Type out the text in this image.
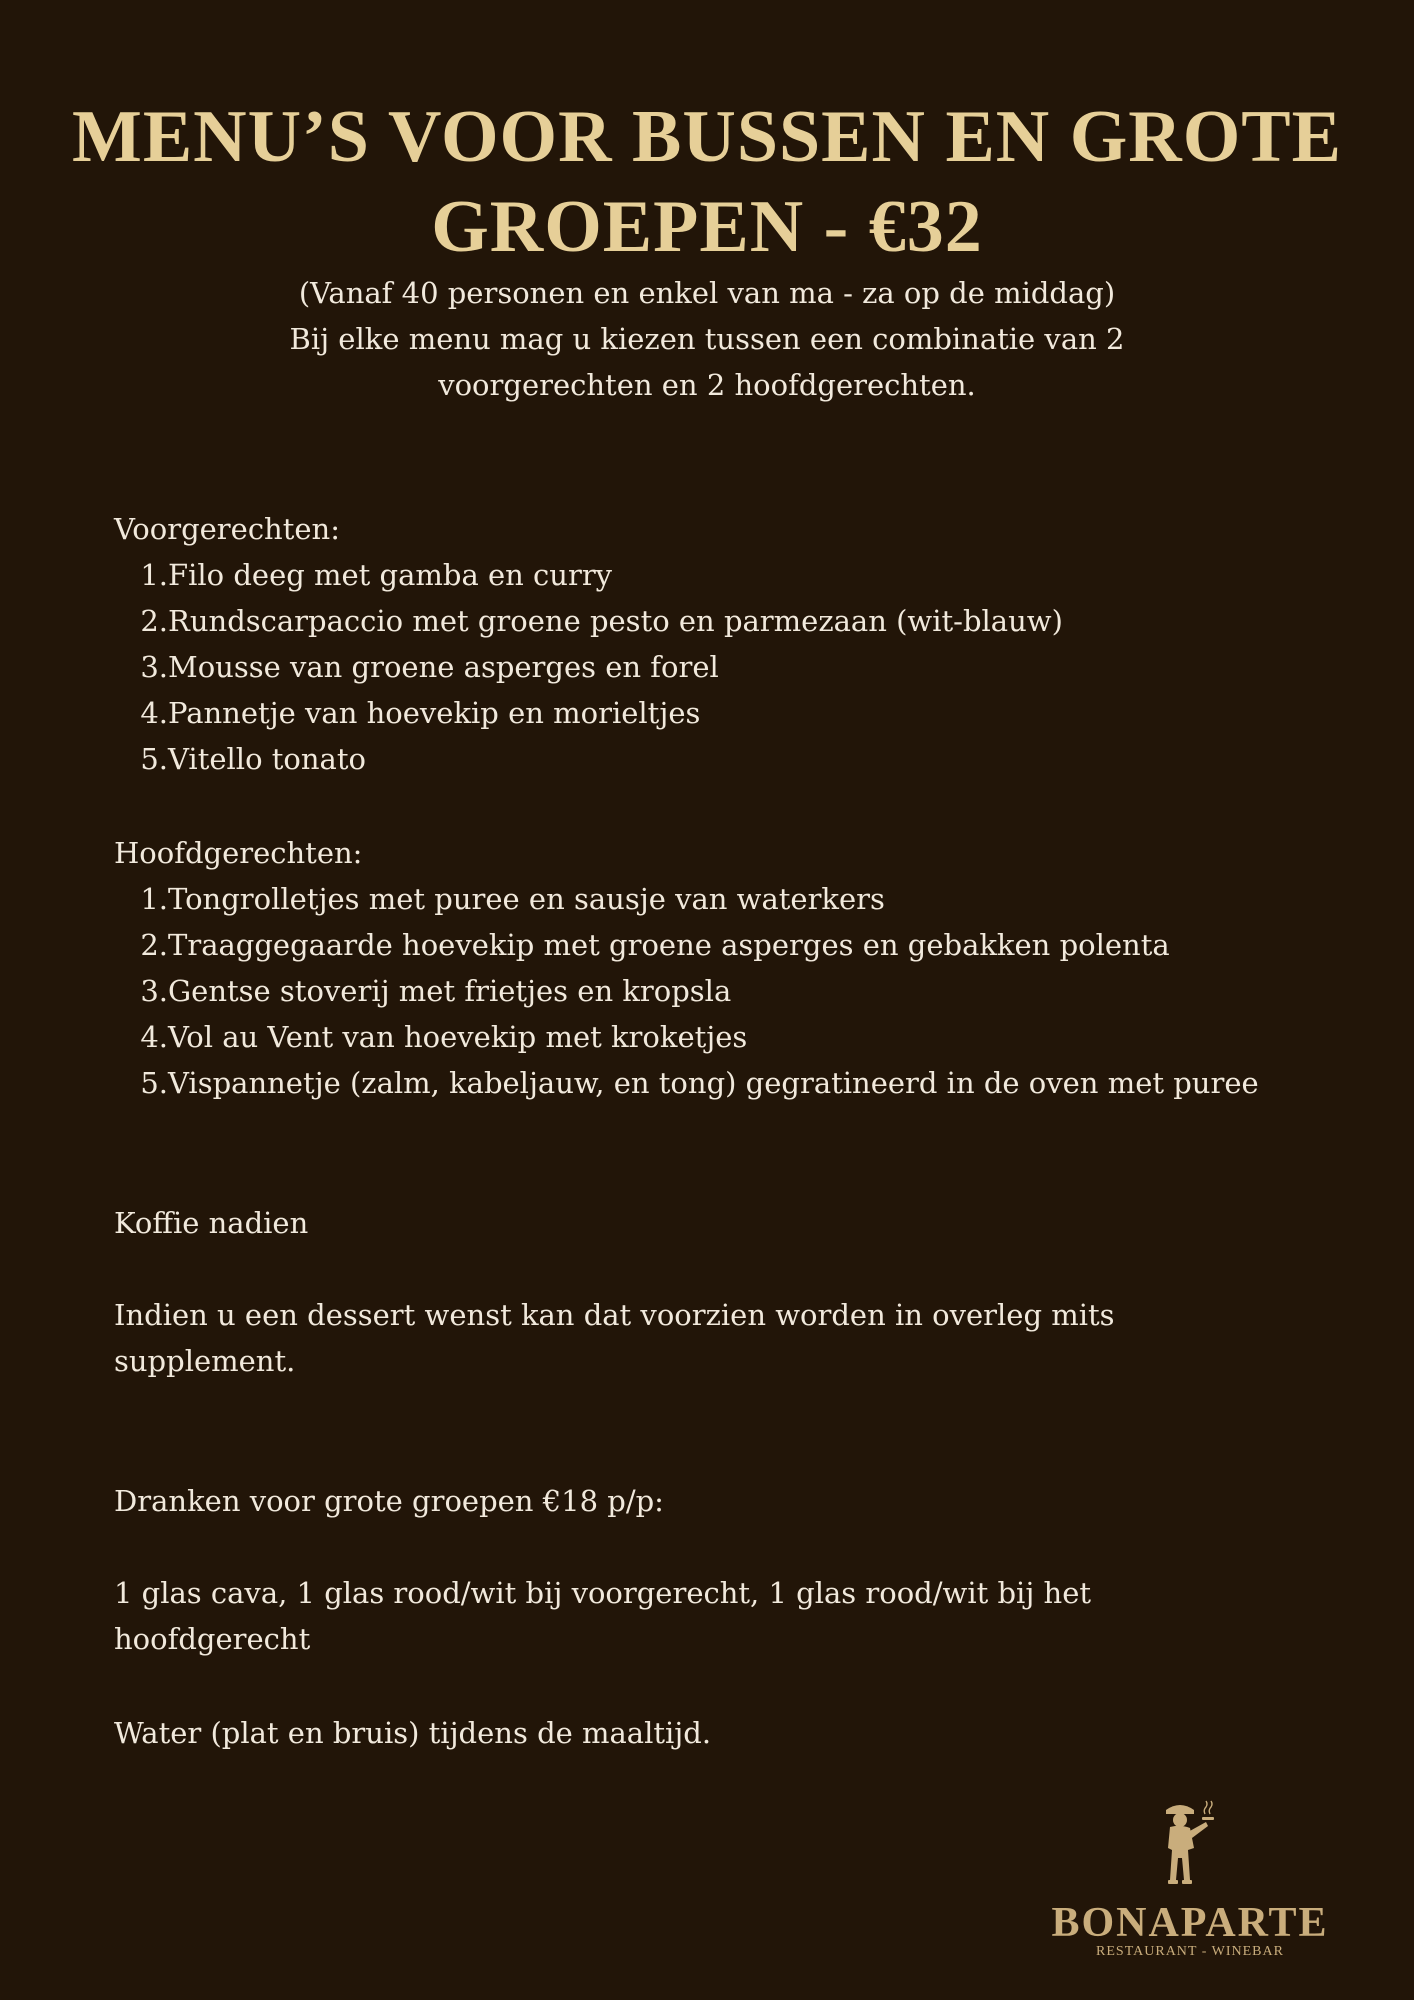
MENU’S VOOR BUSSEN EN GROTE
GROEPEN - €32
(Vanaf 40 personen en enkel van ma - za op de middag)
Bij elke menu mag u kiezen tussen een combinatie van 2
voorgerechten en 2 hoofdgerechten.
Voorgerechten:
1. Filo deeg met gamba en curry
2. Rundscarpaccio met groene pesto en parmezaan (wit-blauw)
3. Mousse van groene asperges en forel
4. Pannetje van hoevekip en morieltjes
5. Vitello tonato
Hoofdgerechten:
1. Tongrolletjes met puree en sausje van waterkers
2. Traaggegaarde hoevekip met groene asperges en gebakken polenta
3. Gentse stoverij met frietjes en kropsla
4. Vol au Vent van hoevekip met kroketjes
5. Vispannetje (zalm, kabeljauw, en tong) gegratineerd in de oven met puree
Koffie nadien
Indien u een dessert wenst kan dat voorzien worden in overleg mits supplement.
Dranken voor grote groepen €18 p/p:
1 glas cava, 1 glas rood/wit bij voorgerecht, 1 glas rood/wit bij het hoofdgerecht
Water (plat en bruis) tijdens de maaltijd.
BONAPARTE
RESTAURANT - WINEBAR
